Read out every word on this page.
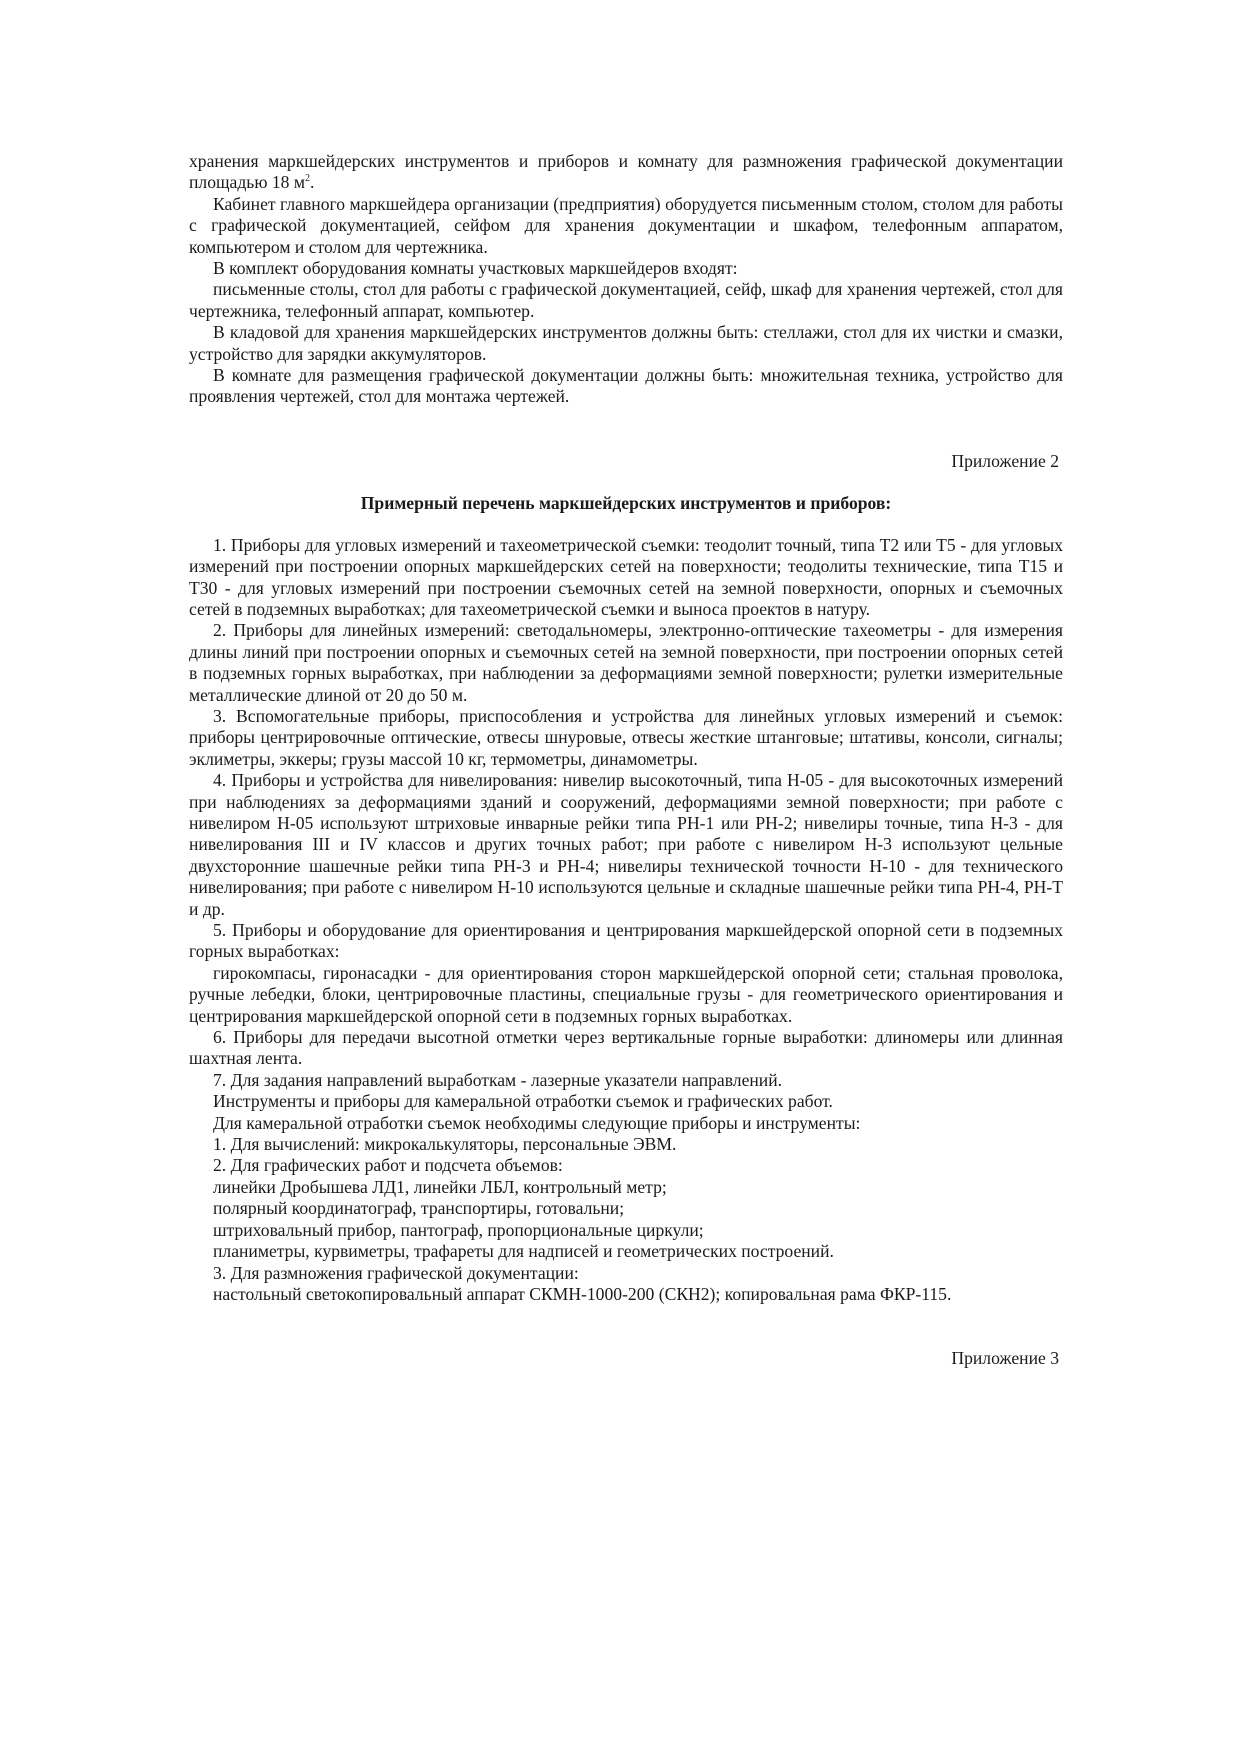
хранения маркшейдерских инструментов и приборов и комнату для размножения графической документации площадью 18 $м^2$.

Кабинет главного маркшейдера организации (предприятия) оборудуется письменным столом, столом для работы с графической документацией, сейфом для хранения документации и шкафом, телефонным аппаратом, компьютером и столом для чертежника.

В комплект оборудования комнаты участковых маркшейдеров входят:

письменные столы, стол для работы с графической документацией, сейф, шкаф для хранения чертежей, стол для чертежника, телефонный аппарат, компьютер.

В кладовой для хранения маркшейдерских инструментов должны быть: стеллажи, стол для их чистки и смазки, устройство для зарядки аккумуляторов.

В комнате для размещения графической документации должны быть: множительная техника, устройство для проявления чертежей, стол для монтажа чертежей.

Приложение 2

Примерный перечень маркшейдерских инструментов и приборов:

1. Приборы для угловых измерений и тахеометрической съемки: теодолит точный, типа Т2 или Т5 - для угловых измерений при построении опорных маркшейдерских сетей на поверхности; теодолиты технические, типа Т15 и Т30 - для угловых измерений при построении съемочных сетей на земной поверхности, опорных и съемочных сетей в подземных выработках; для тахеометрической съемки и выноса проектов в натуру.

2. Приборы для линейных измерений: светодальномеры, электронно-оптические тахеометры - для измерения длины линий при построении опорных и съемочных сетей на земной поверхности, при построении опорных сетей в подземных горных выработках, при наблюдении за деформациями земной поверхности; рулетки измерительные металлические длиной от 20 до 50 м.

3. Вспомогательные приборы, приспособления и устройства для линейных угловых измерений и съемок: приборы центрировочные оптические, отвесы шнуровые, отвесы жесткие штанговые; штативы, консоли, сигналы; эклиметры, эккеры; грузы массой 10 кг, термометры, динамометры.

4. Приборы и устройства для нивелирования: нивелир высокоточный, типа Н-05 - для высокоточных измерений при наблюдениях за деформациями зданий и сооружений, деформациями земной поверхности; при работе с нивелиром Н-05 используют штриховые инварные рейки типа РН-1 или РН-2; нивелиры точные, типа Н-3 - для нивелирования III и IV классов и других точных работ; при работе с нивелиром Н-3 используют цельные двухсторонние шашечные рейки типа РН-3 и РН-4; нивелиры технической точности Н-10 - для технического нивелирования; при работе с нивелиром Н-10 используются цельные и складные шашечные рейки типа РН-4, РН-Т и др.

5. Приборы и оборудование для ориентирования и центрирования маркшейдерской опорной сети в подземных горных выработках:

гирокомпасы, гиронасадки - для ориентирования сторон маркшейдерской опорной сети; стальная проволока, ручные лебедки, блоки, центрировочные пластины, специальные грузы - для геометрического ориентирования и центрирования маркшейдерской опорной сети в подземных горных выработках.

6. Приборы для передачи высотной отметки через вертикальные горные выработки: длиномеры или длинная шахтная лента.

7. Для задания направлений выработкам - лазерные указатели направлений.

Инструменты и приборы для камеральной отработки съемок и графических работ.

Для камеральной отработки съемок необходимы следующие приборы и инструменты:

1. Для вычислений: микрокалькуляторы, персональные ЭВМ.

2. Для графических работ и подсчета объемов:

линейки Дробышева ЛД1, линейки ЛБЛ, контрольный метр;

полярный координатограф, транспортиры, готовальни;

штриховальный прибор, пантограф, пропорциональные циркули;

планиметры, курвиметры, трафареты для надписей и геометрических построений.

3. Для размножения графической документации:

настольный светокопировальный аппарат СКМН-1000-200 (СКН2); копировальная рама ФКР-115.

Приложение 3
